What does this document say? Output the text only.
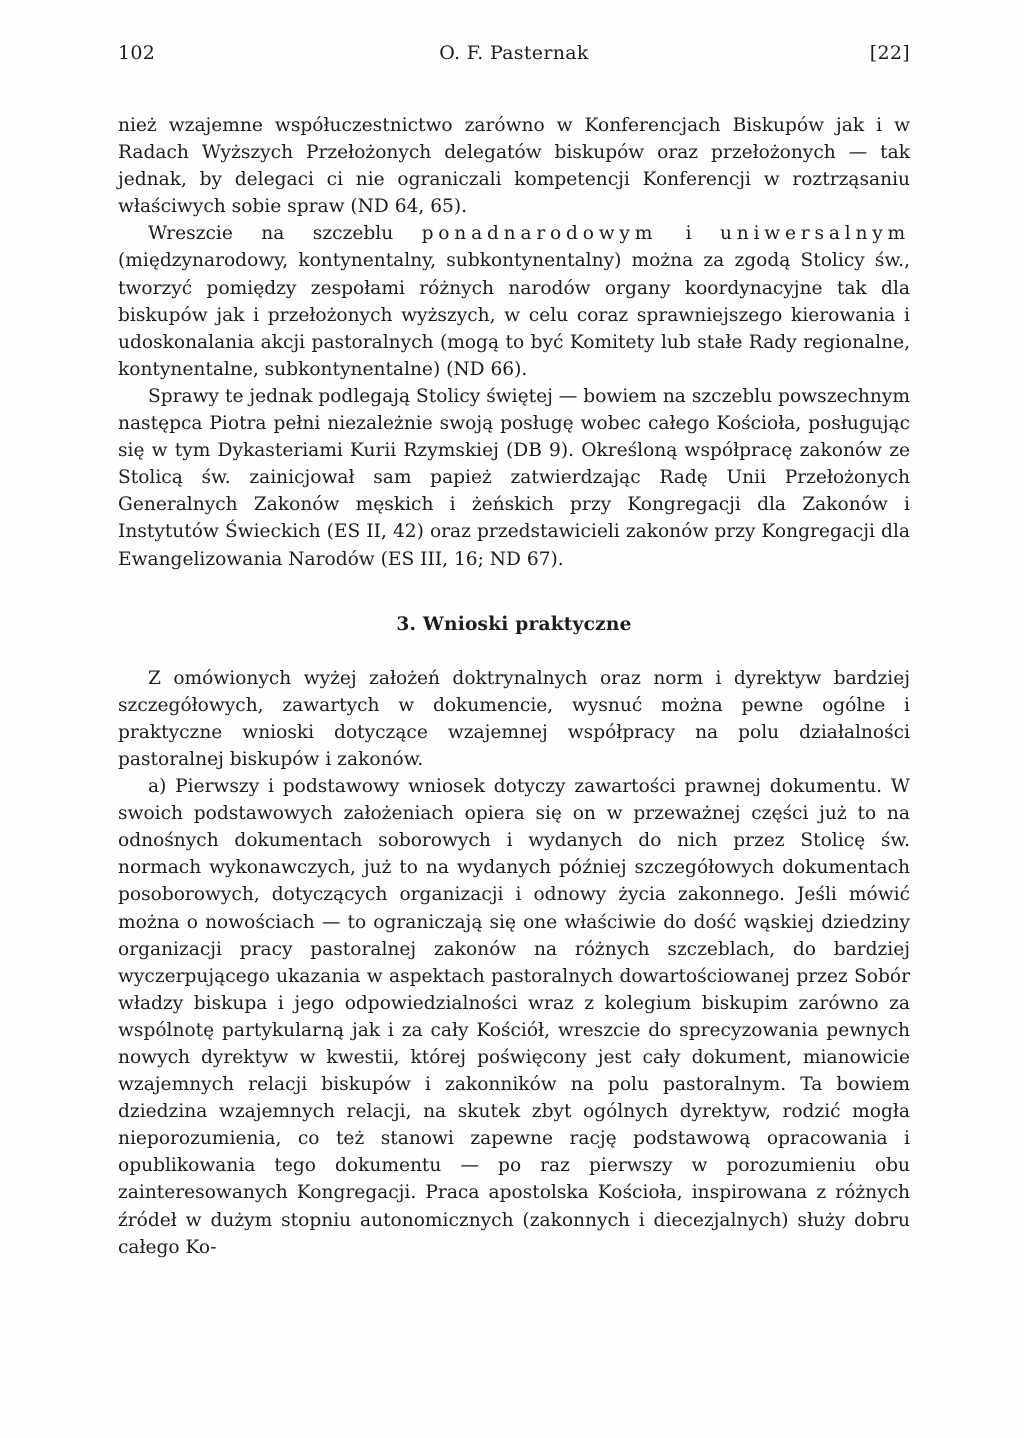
102	O. F. Pasternak	[22]

nież wzajemne współuczestnictwo zarówno w Konferencjach Biskupów jak i w Radach Wyższych Przełożonych delegatów biskupów oraz przełożonych — tak jednak, by delegaci ci nie ograniczali kompetencji Konferencji w roztrząsaniu właściwych sobie spraw (ND 64, 65).

Wreszcie na szczeblu ponadnarodowym i uniwersalnym (międzynarodowy, kontynentalny, subkontynentalny) można za zgodą Stolicy św., tworzyć pomiędzy zespołami różnych narodów organy koordynacyjne tak dla biskupów jak i przełożonych wyższych, w celu coraz sprawniejszego kierowania i udoskonalania akcji pastoralnych (mogą to być Komitety lub stałe Rady regionalne, kontynentalne, subkontynentalne) (ND 66).

Sprawy te jednak podlegają Stolicy świętej — bowiem na szczeblu powszechnym następca Piotra pełni niezależnie swoją posługę wobec całego Kościoła, posługując się w tym Dykasteriami Kurii Rzymskiej (DB 9). Określoną współpracę zakonów ze Stolicą św. zainicjował sam papież zatwierdzając Radę Unii Przełożonych Generalnych Zakonów męskich i żeńskich przy Kongregacji dla Zakonów i Instytutów Świeckich (ES II, 42) oraz przedstawicieli zakonów przy Kongregacji dla Ewangelizowania Narodów (ES III, 16; ND 67).

3. Wnioski praktyczne

Z omówionych wyżej założeń doktrynalnych oraz norm i dyrektyw bardziej szczegółowych, zawartych w dokumencie, wysnuć można pewne ogólne i praktyczne wnioski dotyczące wzajemnej współpracy na polu działalności pastoralnej biskupów i zakonów.

a) Pierwszy i podstawowy wniosek dotyczy zawartości prawnej dokumentu. W swoich podstawowych założeniach opiera się on w przeważnej części już to na odnośnych dokumentach soborowych i wydanych do nich przez Stolicę św. normach wykonawczych, już to na wydanych później szczegółowych dokumentach posoborowych, dotyczących organizacji i odnowy życia zakonnego. Jeśli mówić można o nowościach — to ograniczają się one właściwie do dość wąskiej dziedziny organizacji pracy pastoralnej zakonów na różnych szczeblach, do bardziej wyczerpującego ukazania w aspektach pastoralnych dowartościowanej przez Sobór władzy biskupa i jego odpowiedzialności wraz z kolegium biskupim zarówno za wspólnotę partykularną jak i za cały Kościół, wreszcie do sprecyzowania pewnych nowych dyrektyw w kwestii, której poświęcony jest cały dokument, mianowicie wzajemnych relacji biskupów i zakonników na polu pastoralnym. Ta bowiem dziedzina wzajemnych relacji, na skutek zbyt ogólnych dyrektyw, rodzić mogła nieporozumienia, co też stanowi zapewne rację podstawową opracowania i opublikowania tego dokumentu — po raz pierwszy w porozumieniu obu zainteresowanych Kongregacji. Praca apostolska Kościoła, inspirowana z różnych źródeł w dużym stopniu autonomicznych (zakonnych i diecezjalnych) służy dobru całego Ko-
